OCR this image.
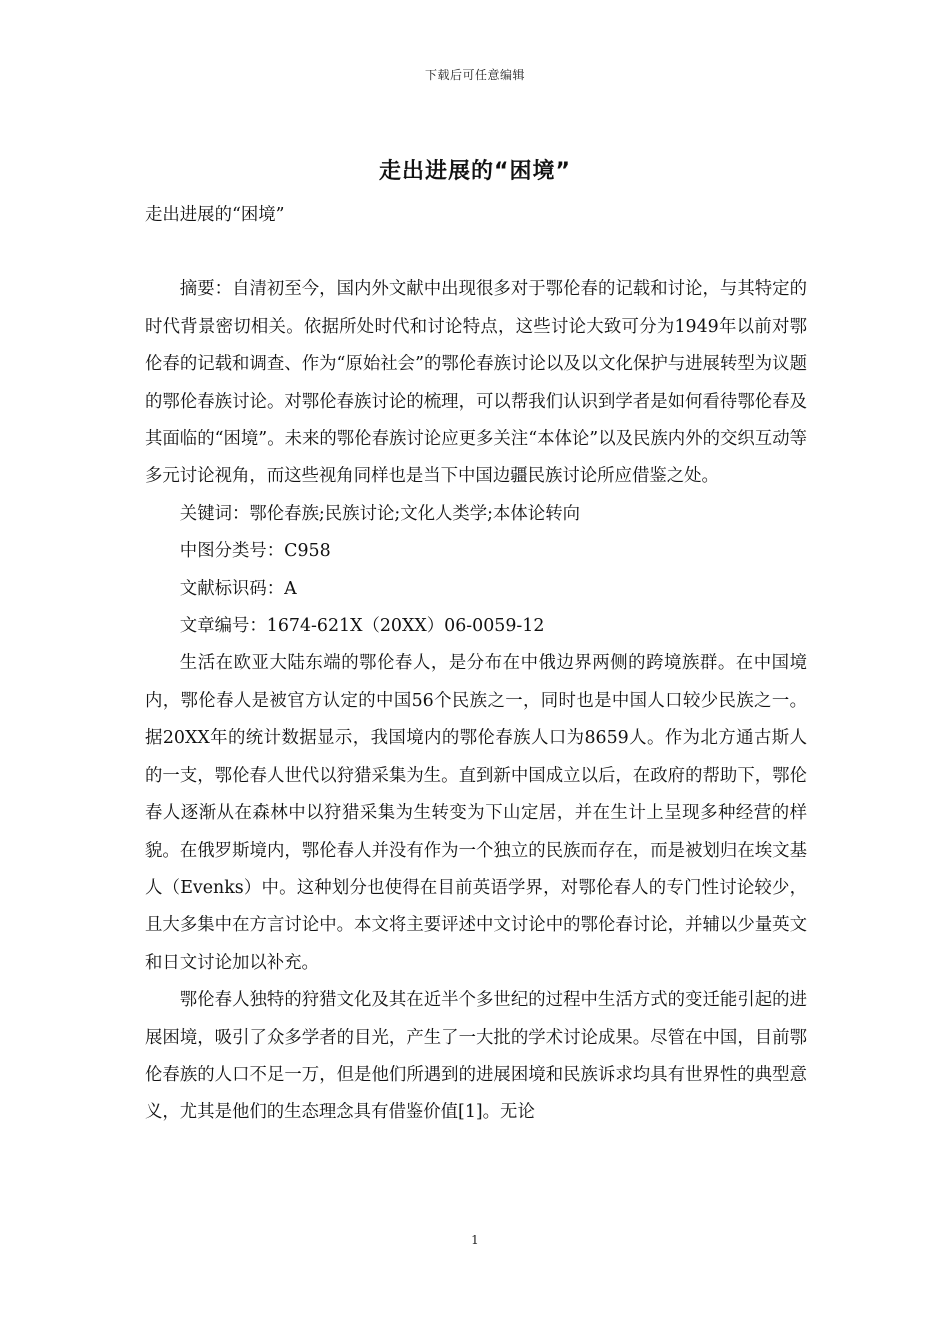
下载后可任意编辑
走出进展的“困境”

走出进展的“困境”

摘要：自清初至今，国内外文献中出现很多对于鄂伦春的记载和讨论，与其特定的时代背景密切相关。依据所处时代和讨论特点，这些讨论大致可分为1949年以前对鄂伦春的记载和调查、作为“原始社会”的鄂伦春族讨论以及以文化保护与进展转型为议题的鄂伦春族讨论。对鄂伦春族讨论的梳理，可以帮我们认识到学者是如何看待鄂伦春及其面临的“困境”。未来的鄂伦春族讨论应更多关注“本体论”以及民族内外的交织互动等多元讨论视角，而这些视角同样也是当下中国边疆民族讨论所应借鉴之处。

关键词：鄂伦春族;民族讨论;文化人类学;本体论转向

中图分类号：C958

文献标识码：A

文章编号：1674-621X（20XX）06-0059-12

生活在欧亚大陆东端的鄂伦春人，是分布在中俄边界两侧的跨境族群。在中国境内，鄂伦春人是被官方认定的中国56个民族之一，同时也是中国人口较少民族之一。据20XX年的统计数据显示，我国境内的鄂伦春族人口为8659人。作为北方通古斯人的一支，鄂伦春人世代以狩猎采集为生。直到新中国成立以后，在政府的帮助下，鄂伦春人逐渐从在森林中以狩猎采集为生转变为下山定居，并在生计上呈现多种经营的样貌。在俄罗斯境内，鄂伦春人并没有作为一个独立的民族而存在，而是被划归在埃文基人（Evenks）中。这种划分也使得在目前英语学界，对鄂伦春人的专门性讨论较少，且大多集中在方言讨论中。本文将主要评述中文讨论中的鄂伦春讨论，并辅以少量英文和日文讨论加以补充。

鄂伦春人独特的狩猎文化及其在近半个多世纪的过程中生活方式的变迁能引起的进展困境，吸引了众多学者的目光，产生了一大批的学术讨论成果。尽管在中国，目前鄂伦春族的人口不足一万，但是他们所遇到的进展困境和民族诉求均具有世界性的典型意义，尤其是他们的生态理念具有借鉴价值[1]。无论

1
